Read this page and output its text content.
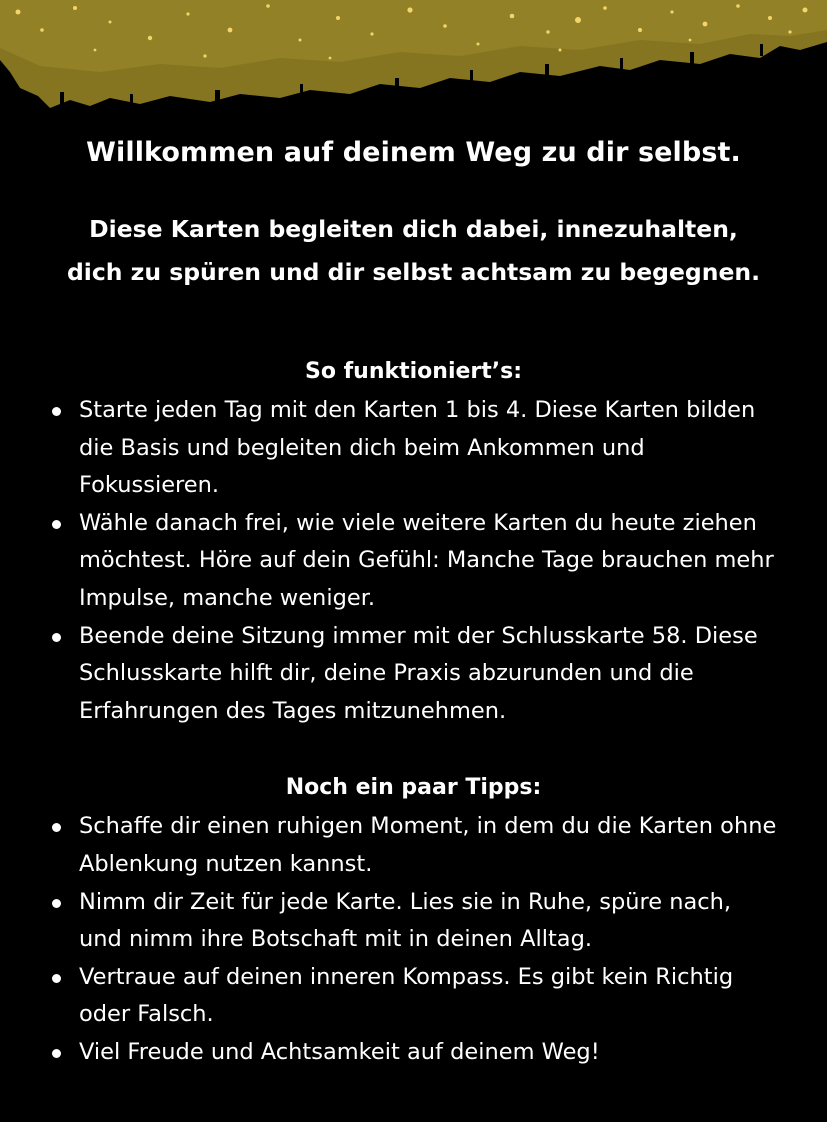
Willkommen auf deinem Weg zu dir selbst.

Diese Karten begleiten dich dabei, innezuhalten,
dich zu spüren und dir selbst achtsam zu begegnen.
So funktioniert’s:
Starte jeden Tag mit den Karten 1 bis 4. Diese Karten bilden die Basis und begleiten dich beim Ankommen und Fokussieren.
Wähle danach frei, wie viele weitere Karten du heute ziehen möchtest. Höre auf dein Gefühl: Manche Tage brauchen mehr Impulse, manche weniger.
Beende deine Sitzung immer mit der Schlusskarte 58. Diese Schlusskarte hilft dir, deine Praxis abzurunden und die Erfahrungen des Tages mitzunehmen.
Noch ein paar Tipps:
Schaffe dir einen ruhigen Moment, in dem du die Karten ohne Ablenkung nutzen kannst.
Nimm dir Zeit für jede Karte. Lies sie in Ruhe, spüre nach, und nimm ihre Botschaft mit in deinen Alltag.
Vertraue auf deinen inneren Kompass. Es gibt kein Richtig oder Falsch.
Viel Freude und Achtsamkeit auf deinem Weg!
